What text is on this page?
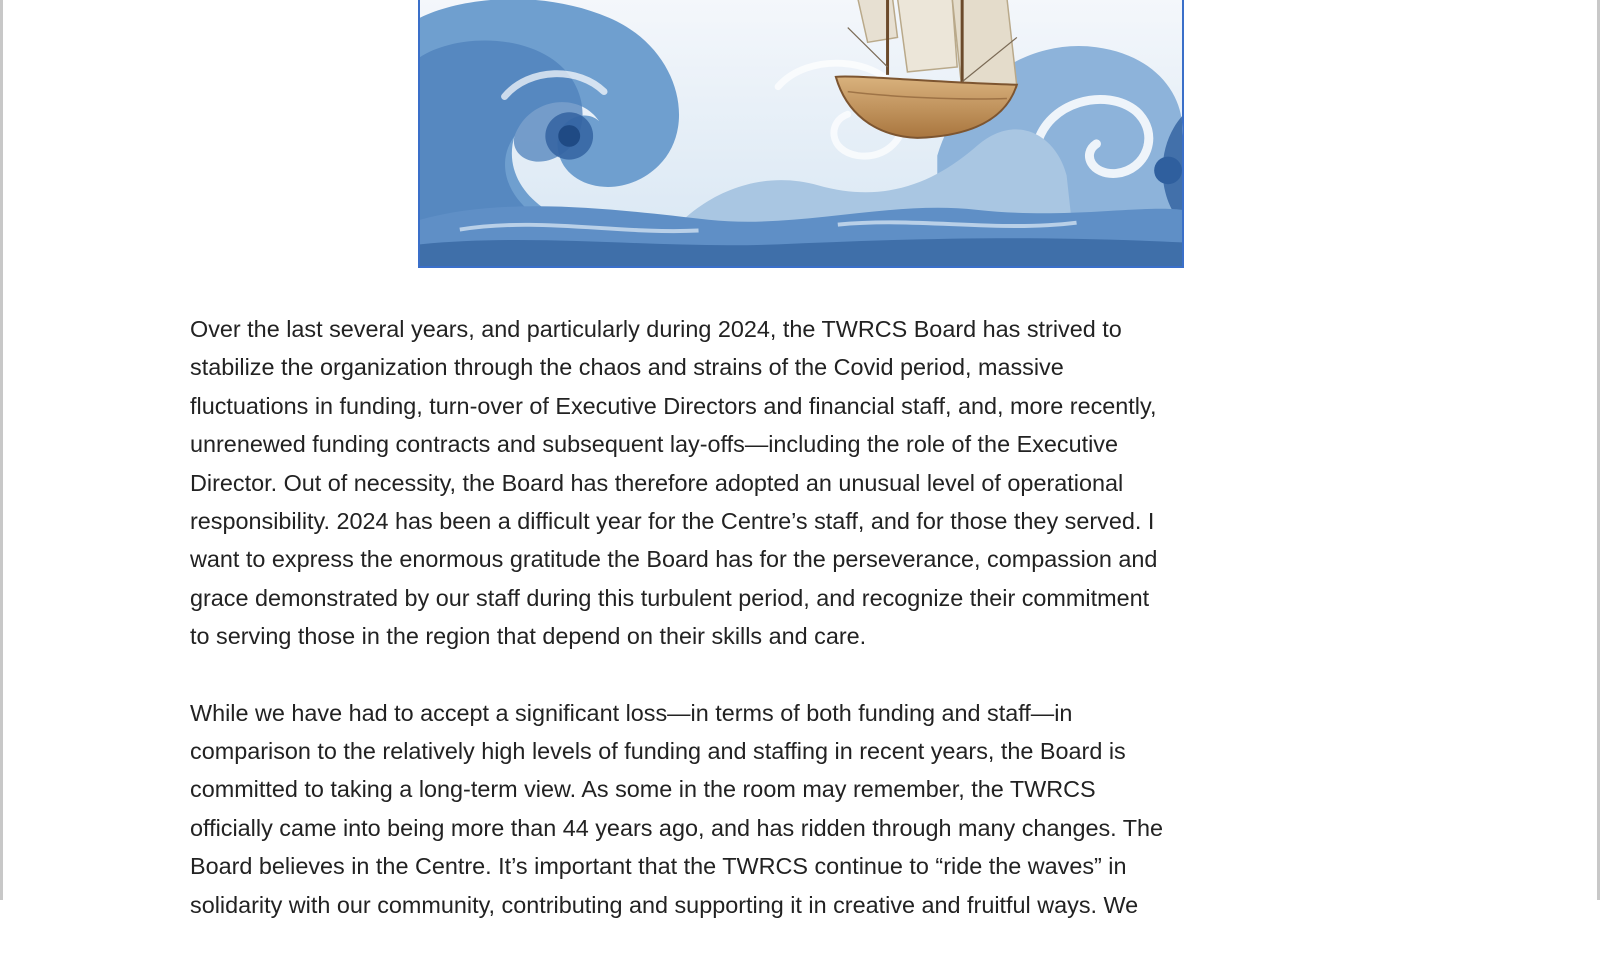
Over the last several years, and particularly during 2024, the TWRCS Board has strived to
stabilize the organization through the chaos and strains of the Covid period, massive
fluctuations in funding, turn-over of Executive Directors and financial staff, and, more recently,
unrenewed funding contracts and subsequent lay-offs—including the role of the Executive
Director. Out of necessity, the Board has therefore adopted an unusual level of operational
responsibility. 2024 has been a difficult year for the Centre’s staff, and for those they served. I
want to express the enormous gratitude the Board has for the perseverance, compassion and
grace demonstrated by our staff during this turbulent period, and recognize their commitment
to serving those in the region that depend on their skills and care.

While we have had to accept a significant loss—in terms of both funding and staff—in
comparison to the relatively high levels of funding and staffing in recent years, the Board is
committed to taking a long-term view. As some in the room may remember, the TWRCS
officially came into being more than 44 years ago, and has ridden through many changes. The
Board believes in the Centre. It’s important that the TWRCS continue to “ride the waves” in
solidarity with our community, contributing and supporting it in creative and fruitful ways. We
